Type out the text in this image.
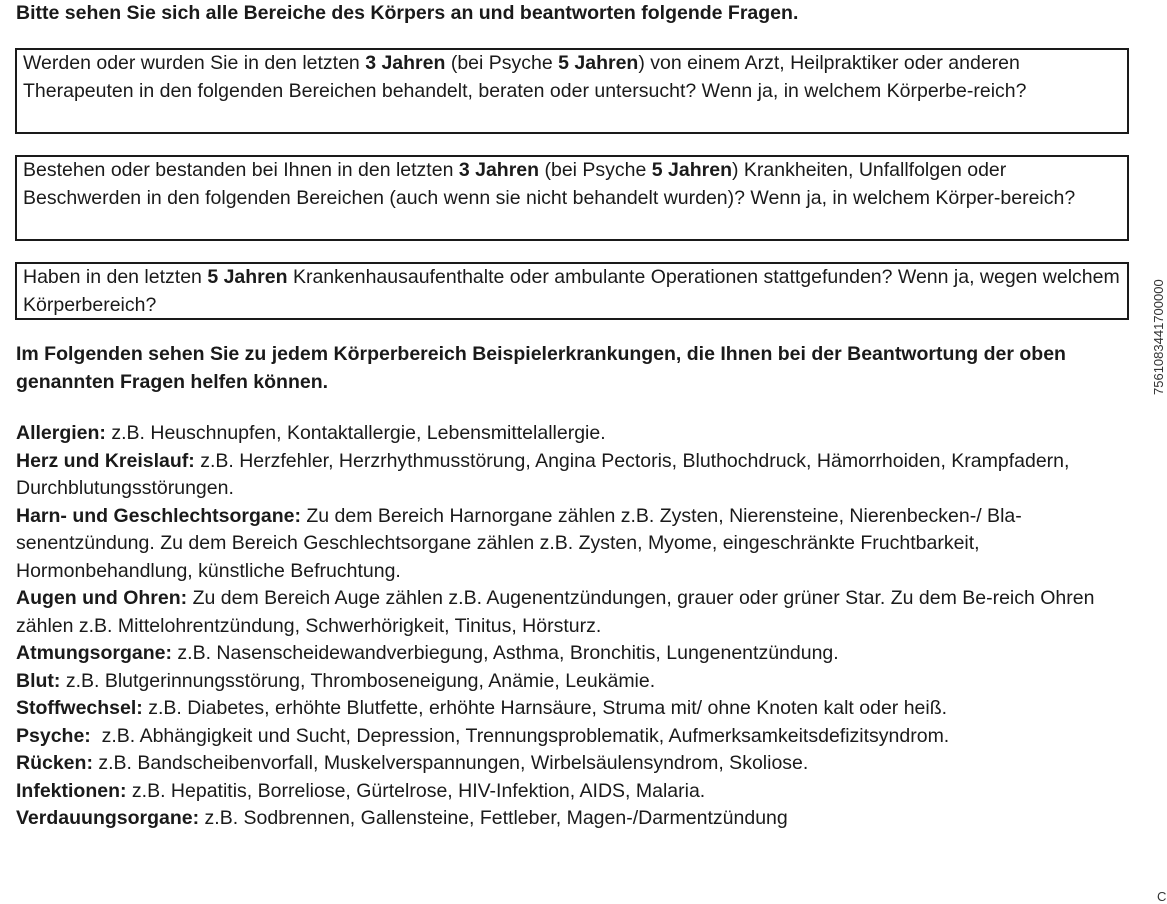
Bitte sehen Sie sich alle Bereiche des Körpers an und beantworten folgende Fragen.
Werden oder wurden Sie in den letzten 3 Jahren (bei Psyche 5 Jahren) von einem Arzt, Heilpraktiker oder anderen Therapeuten in den folgenden Bereichen behandelt, beraten oder untersucht? Wenn ja, in welchem Körperbe-reich?
Bestehen oder bestanden bei Ihnen in den letzten 3 Jahren (bei Psyche 5 Jahren) Krankheiten, Unfallfolgen oder Beschwerden in den folgenden Bereichen (auch wenn sie nicht behandelt wurden)? Wenn ja, in welchem Körper-bereich?
Haben in den letzten 5 Jahren Krankenhausaufenthalte oder ambulante Operationen stattgefunden? Wenn ja, wegen welchem Körperbereich?
Im Folgenden sehen Sie zu jedem Körperbereich Beispielerkrankungen, die Ihnen bei der Beantwortung der oben genannten Fragen helfen können.
Allergien: z.B. Heuschnupfen, Kontaktallergie, Lebensmittelallergie.
Herz und Kreislauf: z.B. Herzfehler, Herzrhythmusstörung, Angina Pectoris, Bluthochdruck, Hämorrhoiden, Krampfadern, Durchblutungsstörungen.
Harn- und Geschlechtsorgane: Zu dem Bereich Harnorgane zählen z.B. Zysten, Nierensteine, Nierenbecken-/ Bla-senentzündung. Zu dem Bereich Geschlechtsorgane zählen z.B. Zysten, Myome, eingeschränkte Fruchtbarkeit, Hormonbehandlung, künstliche Befruchtung.
Augen und Ohren: Zu dem Bereich Auge zählen z.B. Augenentzündungen, grauer oder grüner Star. Zu dem Be-reich Ohren zählen z.B. Mittelohrentzündung, Schwerhörigkeit, Tinitus, Hörsturz.
Atmungsorgane: z.B. Nasenscheidewandverbiegung, Asthma, Bronchitis, Lungenentzündung.
Blut: z.B. Blutgerinnungsstörung, Thromboseneigung, Anämie, Leukämie.
Stoffwechsel: z.B. Diabetes, erhöhte Blutfette, erhöhte Harnsäure, Struma mit/ ohne Knoten kalt oder heiß.
Psyche:  z.B. Abhängigkeit und Sucht, Depression, Trennungsproblematik, Aufmerksamkeitsdefizitsyndrom.
Rücken: z.B. Bandscheibenvorfall, Muskelverspannungen, Wirbelsäulensyndrom, Skoliose.
Infektionen: z.B. Hepatitis, Borreliose, Gürtelrose, HIV-Infektion, AIDS, Malaria.
Verdauungsorgane: z.B. Sodbrennen, Gallensteine, Fettleber, Magen-/Darmentzündung
7561083441700000
C
